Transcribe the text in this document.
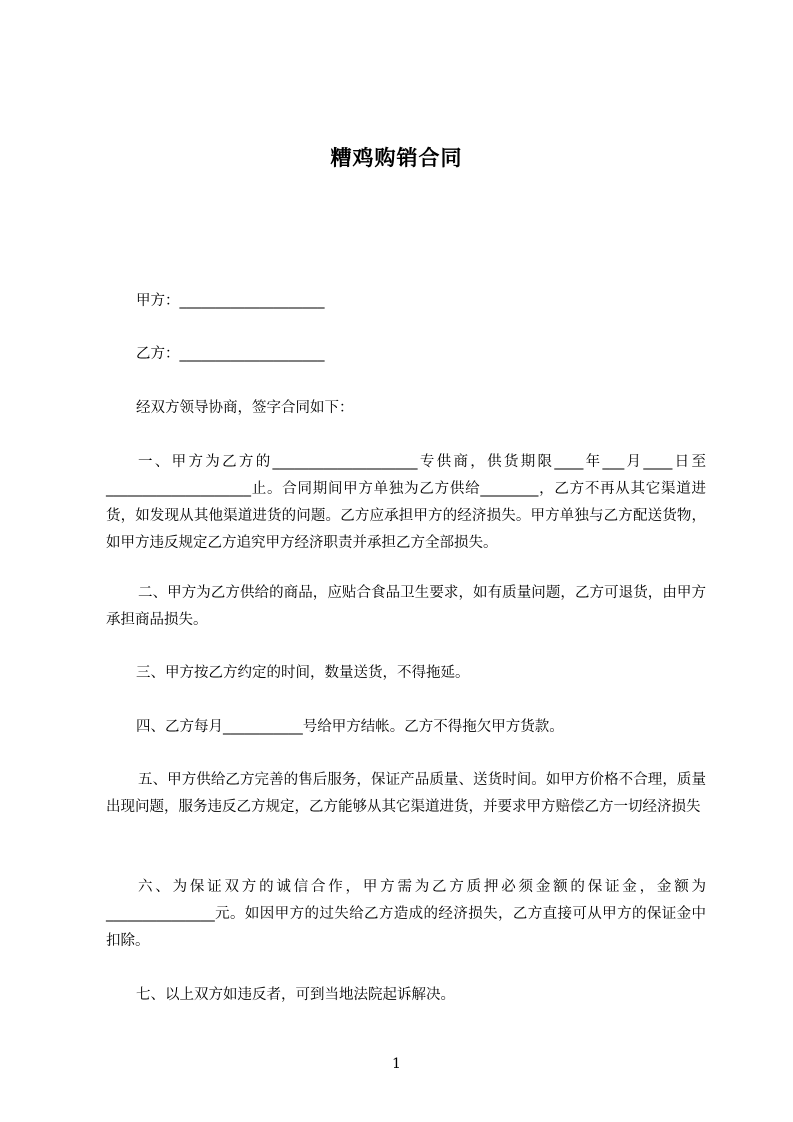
糟鸡购销合同

甲方：____________________

乙方：____________________

经双方领导协商，签字合同如下：

一、甲方为乙方的____________________专供商，供货期限____年___月____日至____________________止。合同期间甲方单独为乙方供给________，乙方不再从其它渠道进货，如发现从其他渠道进货的问题。乙方应承担甲方的经济损失。甲方单独与乙方配送货物，如甲方违反规定乙方追究甲方经济职责并承担乙方全部损失。

二、甲方为乙方供给的商品，应贴合食品卫生要求，如有质量问题，乙方可退货，由甲方承担商品损失。

三、甲方按乙方约定的时间，数量送货，不得拖延。

四、乙方每月___________号给甲方结帐。乙方不得拖欠甲方货款。

五、甲方供给乙方完善的售后服务，保证产品质量、送货时间。如甲方价格不合理，质量出现问题，服务违反乙方规定，乙方能够从其它渠道进货，并要求甲方赔偿乙方一切经济损失

六、为保证双方的诚信合作，甲方需为乙方质押必须金额的保证金，金额为_______________元。如因甲方的过失给乙方造成的经济损失，乙方直接可从甲方的保证金中扣除。

七、以上双方如违反者，可到当地法院起诉解决。

1
